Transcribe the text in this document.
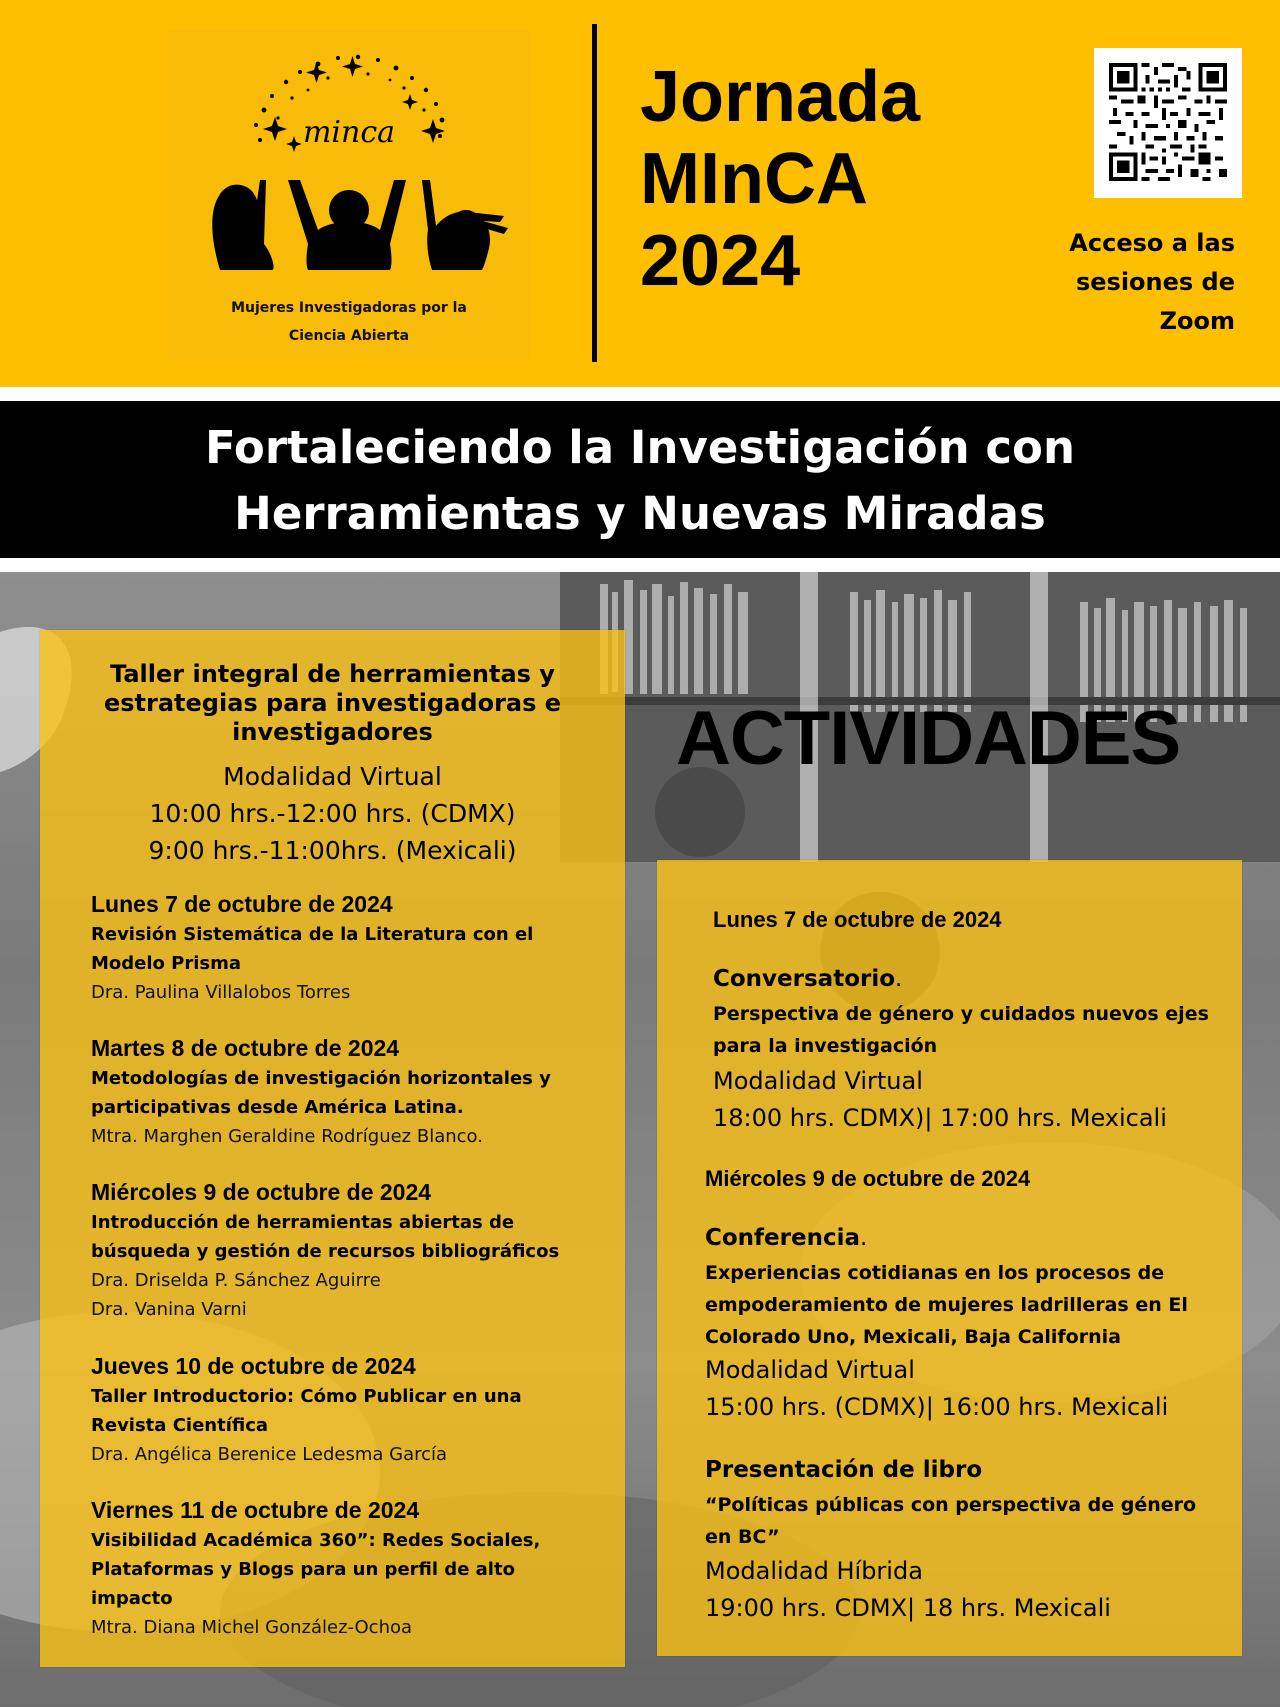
minca
Mujeres Investigadoras por la
Ciencia Abierta
Jornada
MInCA
2024	Acceso a las
sesiones de
Zoom
Fortaleciendo la Investigación con
Herramientas y Nuevas Miradas
ACTIVIDADES
Taller integral de herramientas y
estrategias para investigadoras e
investigadores
Modalidad Virtual
10:00 hrs.-12:00 hrs. (CDMX)
9:00 hrs.-11:00hrs. (Mexicali)
Lunes 7 de octubre de 2024
Revisión Sistemática de la Literatura con el
Modelo Prisma
Dra. Paulina Villalobos Torres
Martes 8 de octubre de 2024
Metodologías de investigación horizontales y
participativas desde América Latina.
Mtra. Marghen Geraldine Rodríguez Blanco.
Miércoles 9 de octubre de 2024
Introducción de herramientas abiertas de
búsqueda y gestión de recursos bibliográficos
Dra. Driselda P. Sánchez Aguirre
Dra. Vanina Varni
Jueves 10 de octubre de 2024
Taller Introductorio: Cómo Publicar en una
Revista Científica
Dra. Angélica Berenice Ledesma García
Viernes 11 de octubre de 2024
Visibilidad Académica 360”: Redes Sociales,
Plataformas y Blogs para un perfil de alto
impacto
Mtra. Diana Michel González-Ochoa
Lunes 7 de octubre de 2024
Conversatorio.
Perspectiva de género y cuidados nuevos ejes
para la investigación
Modalidad Virtual
18:00 hrs. CDMX)| 17:00 hrs. Mexicali
Miércoles 9 de octubre de 2024
Conferencia.
Experiencias cotidianas en los procesos de
empoderamiento de mujeres ladrilleras en El
Colorado Uno, Mexicali, Baja California
Modalidad Virtual
15:00 hrs. (CDMX)| 16:00 hrs. Mexicali
Presentación de libro
“Políticas públicas con perspectiva de género
en BC”
Modalidad Híbrida
19:00 hrs. CDMX| 18 hrs. Mexicali
